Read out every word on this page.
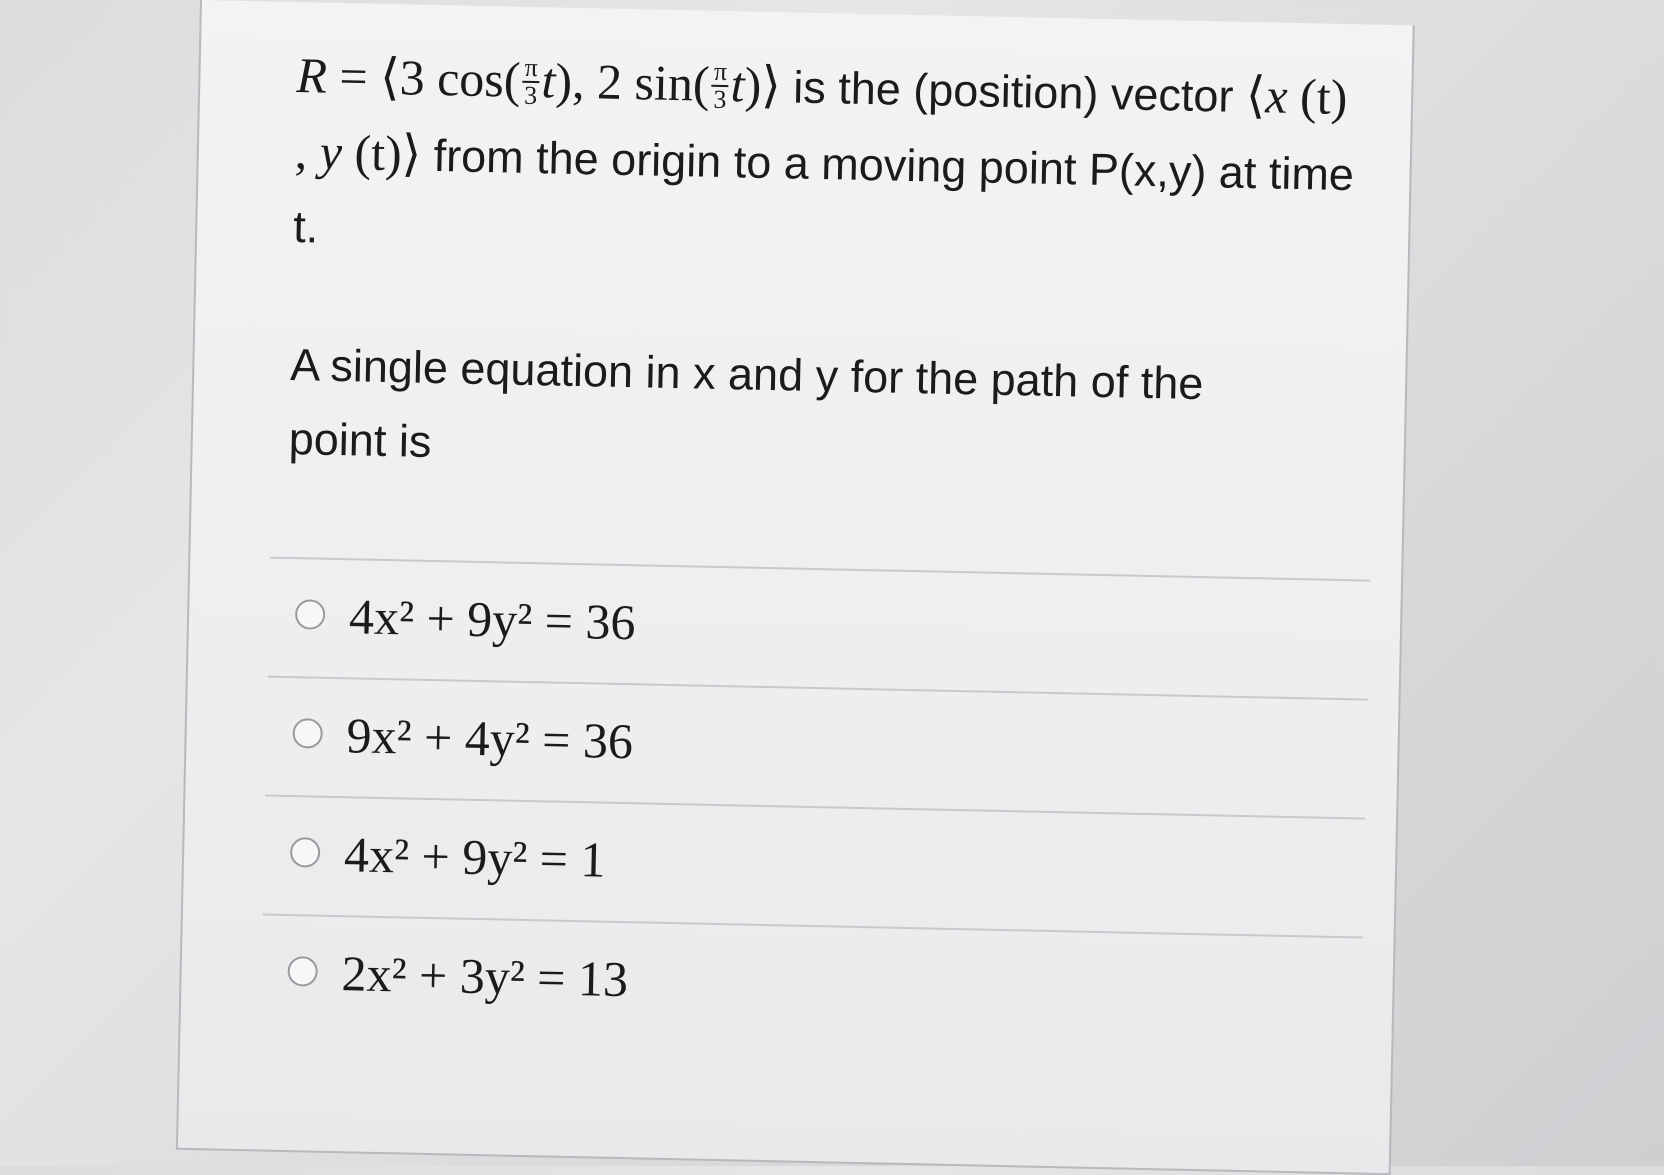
R = ⟨3 $\cos( \frac{\pi}{3} t)$, 2 $\sin( \frac{\pi}{3}$ t)⟩ is the (position) vector ⟨x (t) , y (t)⟩ from the origin to a moving point P(x,y) at time t.
A single equation in x and y for the path of the point is
4x² + 9y² = 36
9x² + 4y² = 36
4x² + 9y² = 1
2x² + 3y² = 13
